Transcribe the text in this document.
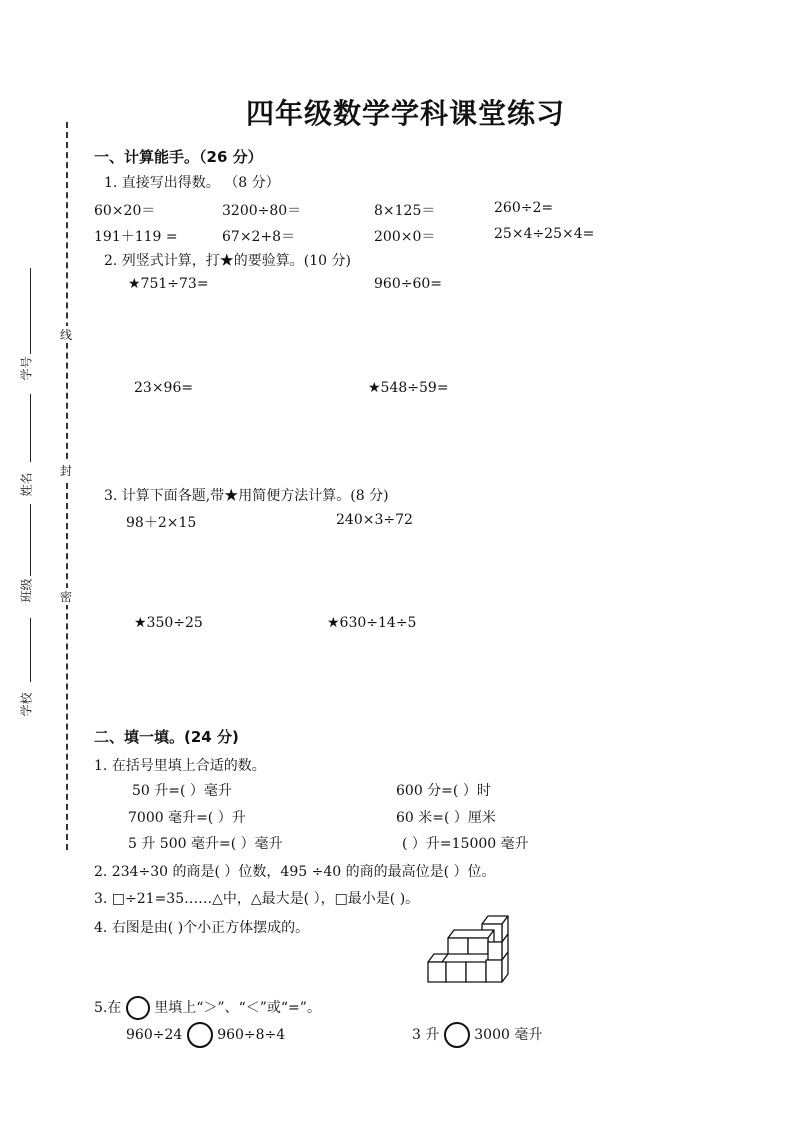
四年级数学学科课堂练习
线
封
密
学号
姓名
班级
学校
一、计算能手。（26 分）
1. 直接写出得数。 （8 分）
60×20＝	3200÷80＝	8×125＝	260÷2=
191＋119 =	67×2+8＝	200×0＝	25×4÷25×4=
2. 列竖式计算，打★的要验算。(10 分)
★751÷73=	960÷60=
23×96=	★548÷59=
3. 计算下面各题,带★用简便方法计算。(8 分)
98＋2×15	240×3÷72
★350÷25	★630÷14÷5
二、填一填。(24 分)
1. 在括号里填上合适的数。
50 升=( ）毫升	600 分=( ）时
7000 毫升=( ）升	60 米=( ）厘米
5 升 500 毫升=( ）毫升	( ）升=15000 毫升
2. 234÷30 的商是( ）位数，495 ÷40 的商的最高位是( ）位。
3. □÷21=35……△中，△最大是( ），□最小是( )。
4. 右图是由( )个小正方体摆成的。
5.在 里填上“＞”、“＜”或“=”。
960÷24 960÷8÷4	3 升 3000 毫升
